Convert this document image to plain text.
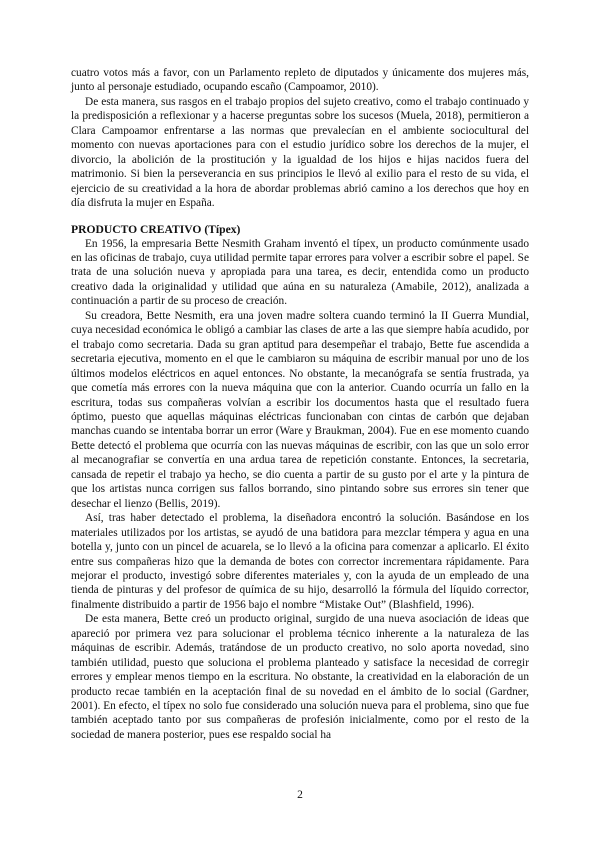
cuatro votos más a favor, con un Parlamento repleto de diputados y únicamente dos mujeres más, junto al personaje estudiado, ocupando escaño (Campoamor, 2010).

De esta manera, sus rasgos en el trabajo propios del sujeto creativo, como el trabajo continuado y la predisposición a reflexionar y a hacerse preguntas sobre los sucesos (Muela, 2018), permitieron a Clara Campoamor enfrentarse a las normas que prevalecían en el ambiente sociocultural del momento con nuevas aportaciones para con el estudio jurídico sobre los derechos de la mujer, el divorcio, la abolición de la prostitución y la igualdad de los hijos e hijas nacidos fuera del matrimonio. Si bien la perseverancia en sus principios le llevó al exilio para el resto de su vida, el ejercicio de su creatividad a la hora de abordar problemas abrió camino a los derechos que hoy en día disfruta la mujer en España.

PRODUCTO CREATIVO (Típex)

En 1956, la empresaria Bette Nesmith Graham inventó el típex, un producto comúnmente usado en las oficinas de trabajo, cuya utilidad permite tapar errores para volver a escribir sobre el papel. Se trata de una solución nueva y apropiada para una tarea, es decir, entendida como un producto creativo dada la originalidad y utilidad que aúna en su naturaleza (Amabile, 2012), analizada a continuación a partir de su proceso de creación.

Su creadora, Bette Nesmith, era una joven madre soltera cuando terminó la II Guerra Mundial, cuya necesidad económica le obligó a cambiar las clases de arte a las que siempre había acudido, por el trabajo como secretaria. Dada su gran aptitud para desempeñar el trabajo, Bette fue ascendida a secretaria ejecutiva, momento en el que le cambiaron su máquina de escribir manual por uno de los últimos modelos eléctricos en aquel entonces. No obstante, la mecanógrafa se sentía frustrada, ya que cometía más errores con la nueva máquina que con la anterior. Cuando ocurría un fallo en la escritura, todas sus compañeras volvían a escribir los documentos hasta que el resultado fuera óptimo, puesto que aquellas máquinas eléctricas funcionaban con cintas de carbón que dejaban manchas cuando se intentaba borrar un error (Ware y Braukman, 2004). Fue en ese momento cuando Bette detectó el problema que ocurría con las nuevas máquinas de escribir, con las que un solo error al mecanografiar se convertía en una ardua tarea de repetición constante. Entonces, la secretaria, cansada de repetir el trabajo ya hecho, se dio cuenta a partir de su gusto por el arte y la pintura de que los artistas nunca corrigen sus fallos borrando, sino pintando sobre sus errores sin tener que desechar el lienzo (Bellis, 2019).

Así, tras haber detectado el problema, la diseñadora encontró la solución. Basándose en los materiales utilizados por los artistas, se ayudó de una batidora para mezclar témpera y agua en una botella y, junto con un pincel de acuarela, se lo llevó a la oficina para comenzar a aplicarlo. El éxito entre sus compañeras hizo que la demanda de botes con corrector incrementara rápidamente. Para mejorar el producto, investigó sobre diferentes materiales y, con la ayuda de un empleado de una tienda de pinturas y del profesor de química de su hijo, desarrolló la fórmula del líquido corrector, finalmente distribuido a partir de 1956 bajo el nombre “Mistake Out” (Blashfield, 1996).

De esta manera, Bette creó un producto original, surgido de una nueva asociación de ideas que apareció por primera vez para solucionar el problema técnico inherente a la naturaleza de las máquinas de escribir. Además, tratándose de un producto creativo, no solo aporta novedad, sino también utilidad, puesto que soluciona el problema planteado y satisface la necesidad de corregir errores y emplear menos tiempo en la escritura. No obstante, la creatividad en la elaboración de un producto recae también en la aceptación final de su novedad en el ámbito de lo social (Gardner, 2001). En efecto, el típex no solo fue considerado una solución nueva para el problema, sino que fue también aceptado tanto por sus compañeras de profesión inicialmente, como por el resto de la sociedad de manera posterior, pues ese respaldo social ha

2
